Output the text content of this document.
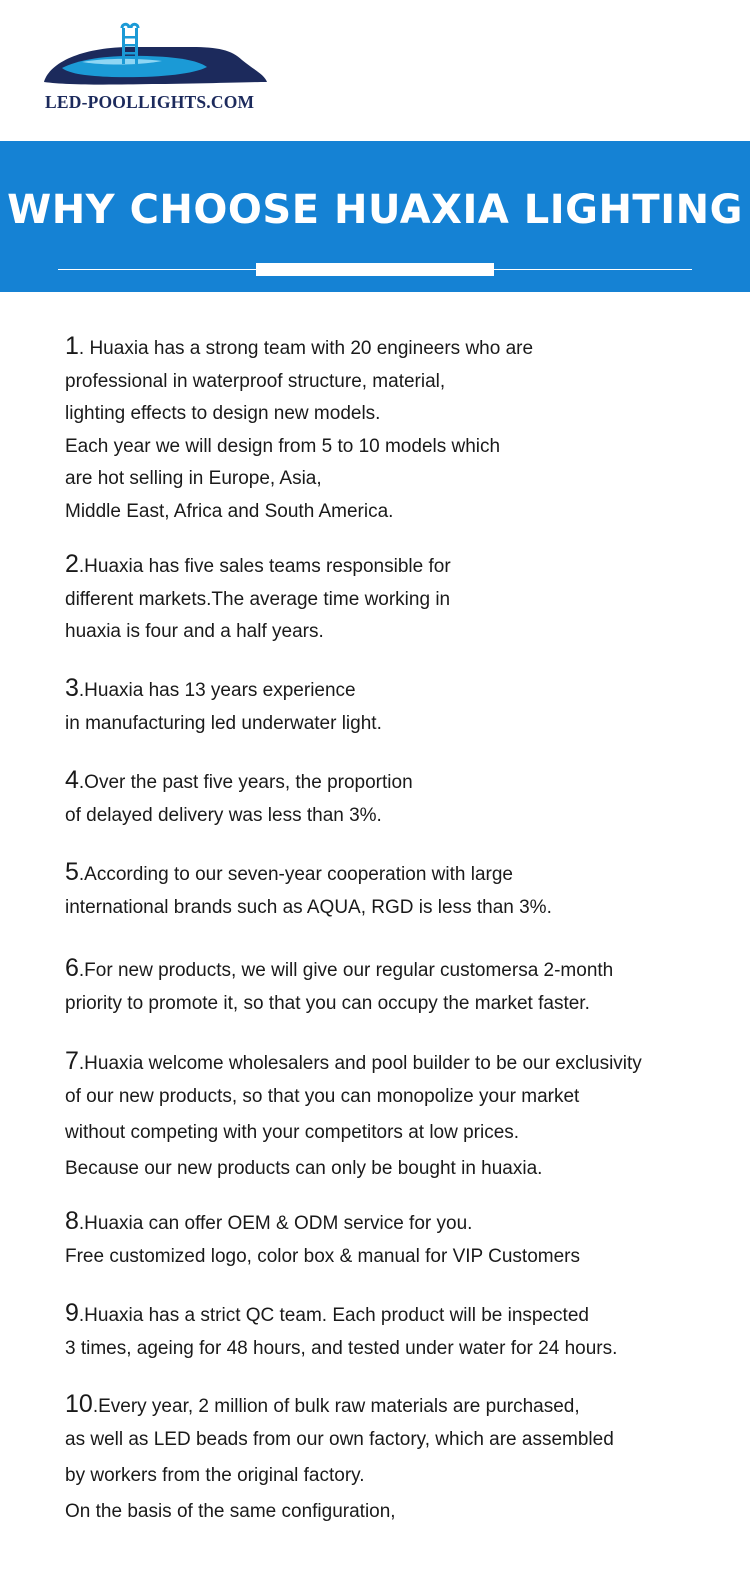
LED-POOLLIGHTS.COM
WHY CHOOSE HUAXIA LIGHTING
1. Huaxia has a strong team with 20 engineers who are
professional in waterproof structure, material,
lighting effects to design new models.
Each year we will design from 5 to 10 models which
are hot selling in Europe, Asia,
Middle East, Africa and South America.
2.Huaxia has five sales teams responsible for
different markets.The average time working in
huaxia is four and a half years.
3.Huaxia has 13 years experience
in manufacturing led underwater light.
4.Over the past five years, the proportion
of delayed delivery was less than 3%.
5.According to our seven-year cooperation with large
international brands such as AQUA, RGD is less than 3%.
6.For new products, we will give our regular customersa 2-month
priority to promote it, so that you can occupy the market faster.
7.Huaxia welcome wholesalers and pool builder to be our exclusivity
of our new products, so that you can monopolize your market
without competing with your competitors at low prices.
Because our new products can only be bought in huaxia.
8.Huaxia can offer OEM & ODM service for you.
Free customized logo, color box & manual for VIP Customers
9.Huaxia has a strict QC team. Each product will be inspected
3 times, ageing for 48 hours, and tested under water for 24 hours.
10.Every year, 2 million of bulk raw materials are purchased,
as well as LED beads from our own factory, which are assembled
by workers from the original factory.
On the basis of the same configuration,
